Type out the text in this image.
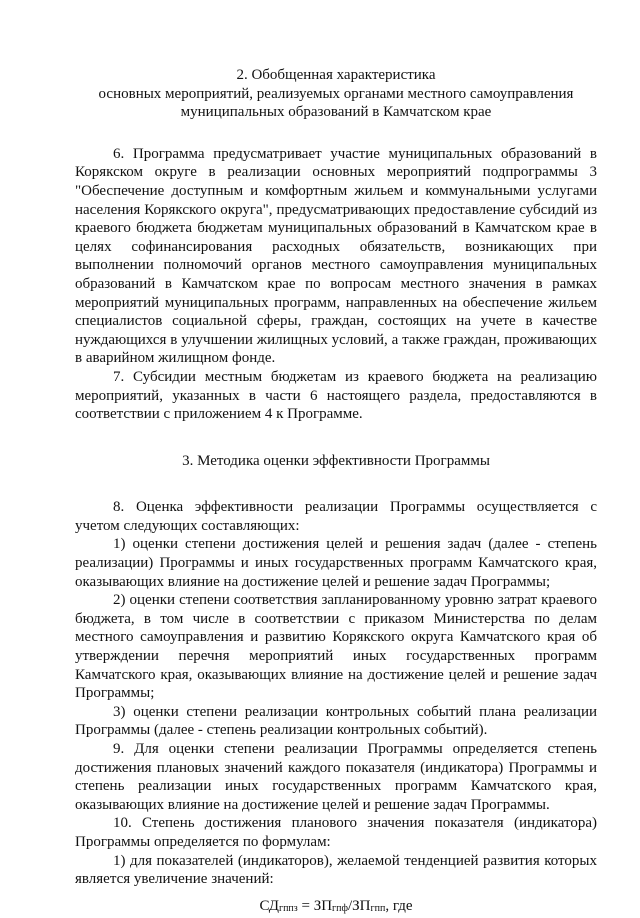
2. Обобщенная характеристика
основных мероприятий, реализуемых органами местного самоуправления
муниципальных образований в Камчатском крае

6. Программа предусматривает участие муниципальных образований в Корякском округе в реализации основных мероприятий подпрограммы 3 "Обеспечение доступным и комфортным жильем и коммунальными услугами населения Корякского округа", предусматривающих предоставление субсидий из краевого бюджета бюджетам муниципальных образований в Камчатском крае в целях софинансирования расходных обязательств, возникающих при выполнении полномочий органов местного самоуправления муниципальных образований в Камчатском крае по вопросам местного значения в рамках мероприятий муниципальных программ, направленных на обеспечение жильем специалистов социальной сферы, граждан, состоящих на учете в качестве нуждающихся в улучшении жилищных условий, а также граждан, проживающих в аварийном жилищном фонде.

7. Субсидии местным бюджетам из краевого бюджета на реализацию мероприятий, указанных в части 6 настоящего раздела, предоставляются в соответствии с приложением 4 к Программе.

3. Методика оценки эффективности Программы

8. Оценка эффективности реализации Программы осуществляется с учетом следующих составляющих:

1) оценки степени достижения целей и решения задач (далее - степень реализации) Программы и иных государственных программ Камчатского края, оказывающих влияние на достижение целей и решение задач Программы;

2) оценки степени соответствия запланированному уровню затрат краевого бюджета, в том числе в соответствии с приказом Министерства по делам местного самоуправления и развитию Корякского округа Камчатского края об утверждении перечня мероприятий иных государственных программ Камчатского края, оказывающих влияние на достижение целей и решение задач Программы;

3) оценки степени реализации контрольных событий плана реализации Программы (далее - степень реализации контрольных событий).

9. Для оценки степени реализации Программы определяется степень достижения плановых значений каждого показателя (индикатора) Программы и степень реализации иных государственных программ Камчатского края, оказывающих влияние на достижение целей и решение задач Программы.

10. Степень достижения планового значения показателя (индикатора) Программы определяется по формулам:

1) для показателей (индикаторов), желаемой тенденцией развития которых является увеличение значений:

$СД_{гппз} = ЗП_{гпф}/ЗП_{гпп}$, где
